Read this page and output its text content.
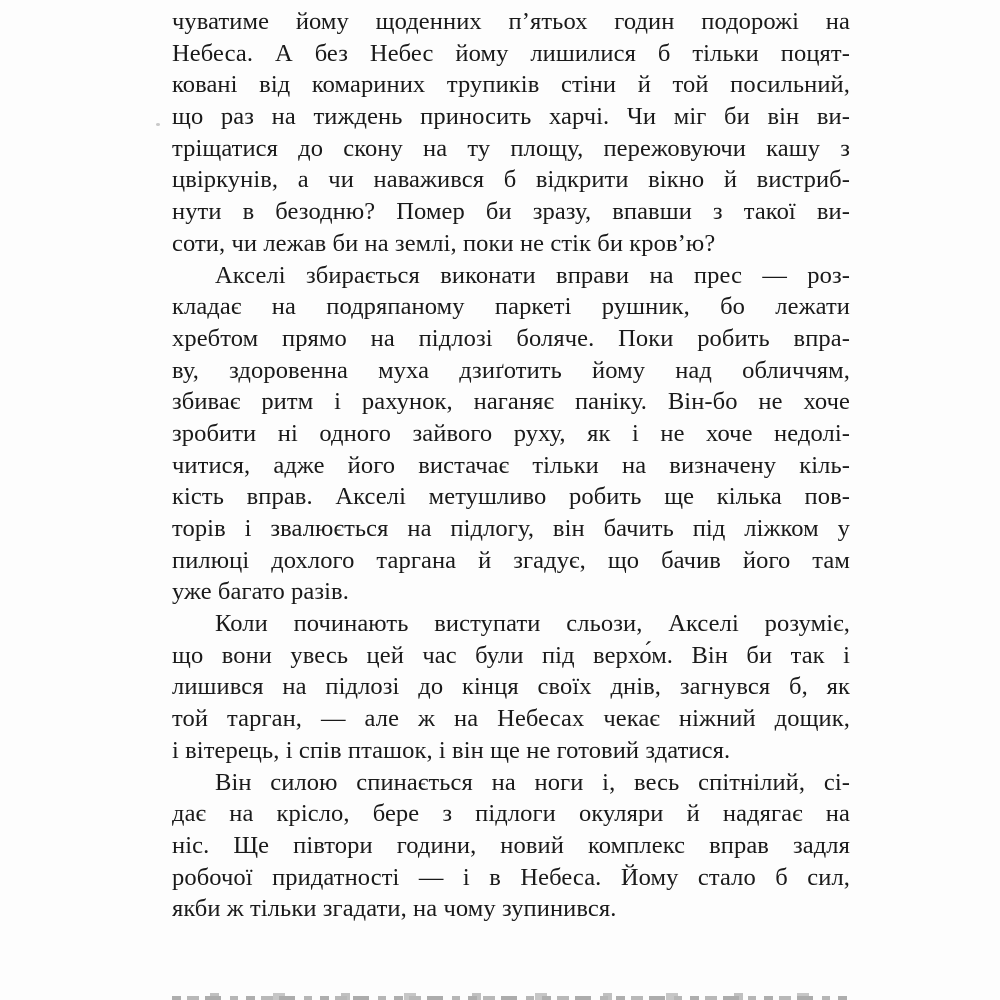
чуватиме йому щоденних п’ятьох годин подорожі на
Небеса. А без Небес йому лишилися б тільки поцят-
ковані від комариних трупиків стіни й той посильний,
що раз на тиждень приносить харчі. Чи міг би він ви-
тріщатися до скону на ту площу, пережовуючи кашу з
цвіркунів, а чи наважився б відкрити вікно й вистриб-
нути в безодню? Помер би зразу, впавши з такої ви-
соти, чи лежав би на землі, поки не стік би кров’ю?
Акселі збирається виконати вправи на прес — роз-
кладає на подряпаному паркеті рушник, бо лежати
хребтом прямо на підлозі боляче. Поки робить впра-
ву, здоровенна муха дзиґотить йому над обличчям,
збиває ритм і рахунок, наганяє паніку. Він-бо не хоче
зробити ні одного зайвого руху, як і не хоче недолі-
читися, адже його вистачає тільки на визначену кіль-
кість вправ. Акселі метушливо робить ще кілька пов-
торів і звалюється на підлогу, він бачить під ліжком у
пилюці дохлого таргана й згадує, що бачив його там
уже багато разів.
Коли починають виступати сльози, Акселі розуміє,
що вони увесь цей час були під верхо́м. Він би так і
лишився на підлозі до кінця своїх днів, загнувся б, як
той тарган, — але ж на Небесах чекає ніжний дощик,
і вітерець, і спів пташок, і він ще не готовий здатися.
Він силою спинається на ноги і, весь спітнілий, сі-
дає на крісло, бере з підлоги окуляри й надягає на
ніс. Ще півтори години, новий комплекс вправ задля
робочої придатності — і в Небеса. Йому стало б сил,
якби ж тільки згадати, на чому зупинився.
